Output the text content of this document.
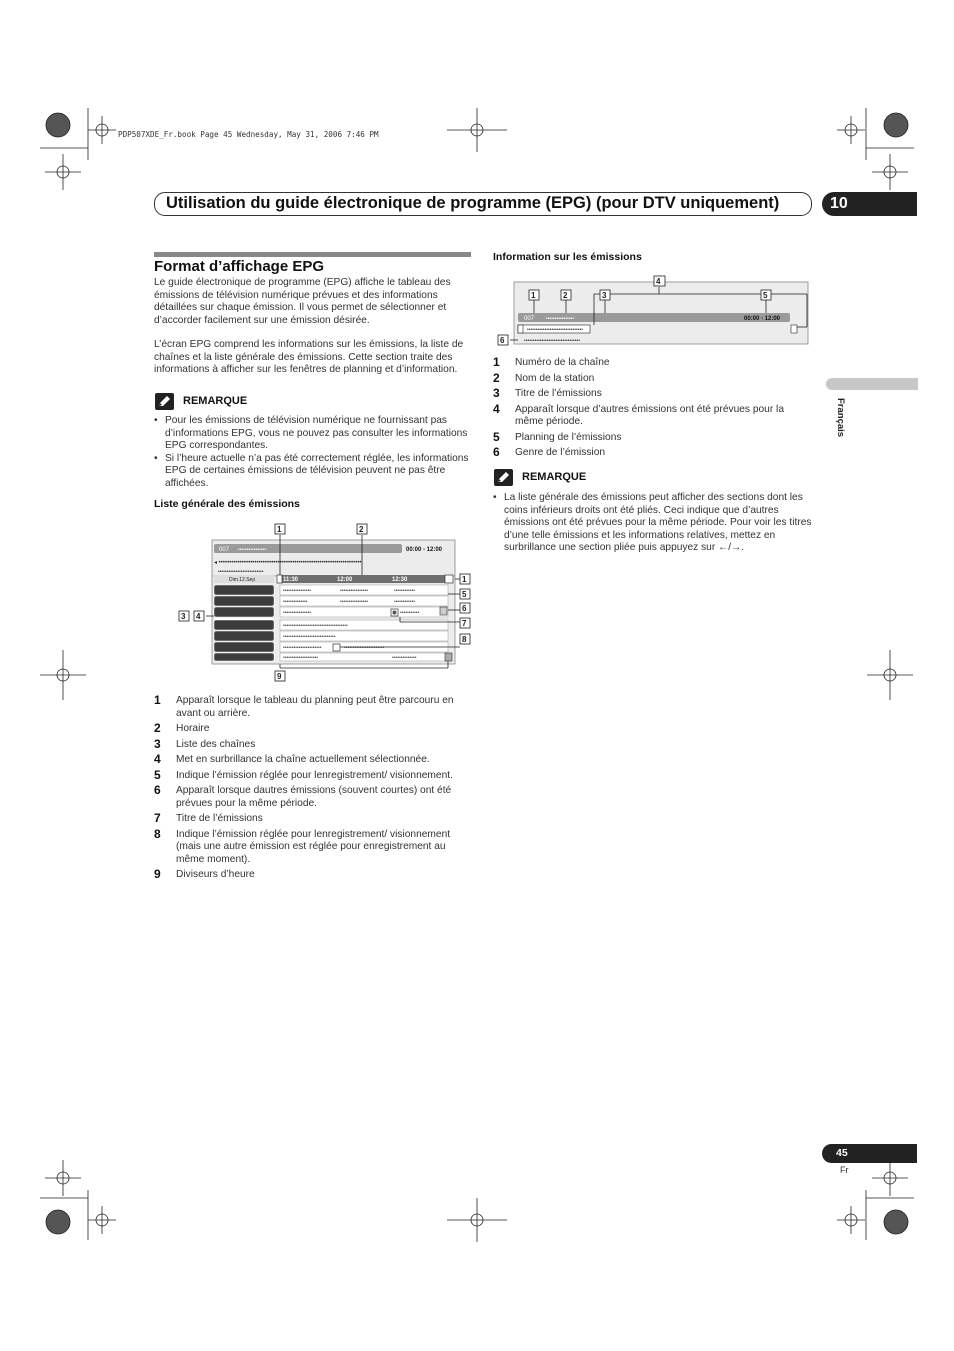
PDP507XDE_Fr.book Page 45 Wednesday, May 31, 2006 7:46 PM
Utilisation du guide électronique de programme (EPG) (pour DTV uniquement)	10
Français
Format d’affichage EPG
Le guide électronique de programme (EPG) affiche le tableau des émissions de télévision numérique prévues et des informations détaillées sur chaque émission. Il vous permet de sélectionner et d’accorder facilement sur une émission désirée.
L’écran EPG comprend les informations sur les émissions, la liste de chaînes et la liste générale des émissions. Cette section traite des informations à afficher sur les fenêtres de planning et d’information.
REMARQUE
• Pour les émissions de télévision numérique ne fournissant pas d’informations EPG, vous ne pouvez pas consulter les informations EPG correspondantes.
• Si l’heure actuelle n’a pas été correctement réglée, les informations EPG de certaines émissions de télévision peuvent ne pas être affichées.
Liste générale des émissions
007 ••••••••••••••••	00:00 - 12:00
◂ ••••••••••••••••••••••••••••••••••••••••••••••••••••••••••••••••••••
••••••••••••••••••••••••••
Dim.12.Sep	11:30	12:00	12:30
••••••••••••••••	••••••••••••••••	••••••••••••
••••••••••••••	••••••••••••••••	••••••••••••
••••••••••••••••	•••••••••••
•••••••••••••••••••••••••••••••••••••
••••••••••••••••••••••••••••••
••••••••••••••••••••••	•••••••••••••••••••••••
••••••••••••••••••••	••••••••••••••
1	2
1
5
6
7
8
3 4
9
1 Apparaît lorsque le tableau du planning peut être parcouru en avant ou arrière.
2 Horaire
3 Liste des chaînes
4 Met en surbrillance la chaîne actuellement sélectionnée.
5 Indique l’émission réglée pour lenregistrement/ visionnement.
6 Apparaît lorsque dautres émissions (souvent courtes) ont été prévues pour la même période.
7 Titre de l’émissions
8 Indique l’émission réglée pour lenregistrement/ visionnement (mais une autre émission est réglée pour enregistrement au même moment).
9 Diviseurs d’heure
Information sur les émissions
007 ••••••••••••••••	00:00 - 12:00
••••••••••••••••••••••••••••••••
••••••••••••••••••••••••••••••••
4
1	2	3	5
6
1 Numéro de la chaîne
2 Nom de la station
3 Titre de l’émissions
4 Apparaît lorsque d’autres émissions ont été prévues pour la même période.
5 Planning de l’émissions
6 Genre de l’émission
REMARQUE
• La liste générale des émissions peut afficher des sections dont les coins inférieurs droits ont été pliés. Ceci indique que d’autres émissions ont été prévues pour la même période. Pour voir les titres d’une telle émissions et les informations relatives, mettez en surbrillance une section pliée puis appuyez sur ←/→.
45
Fr
